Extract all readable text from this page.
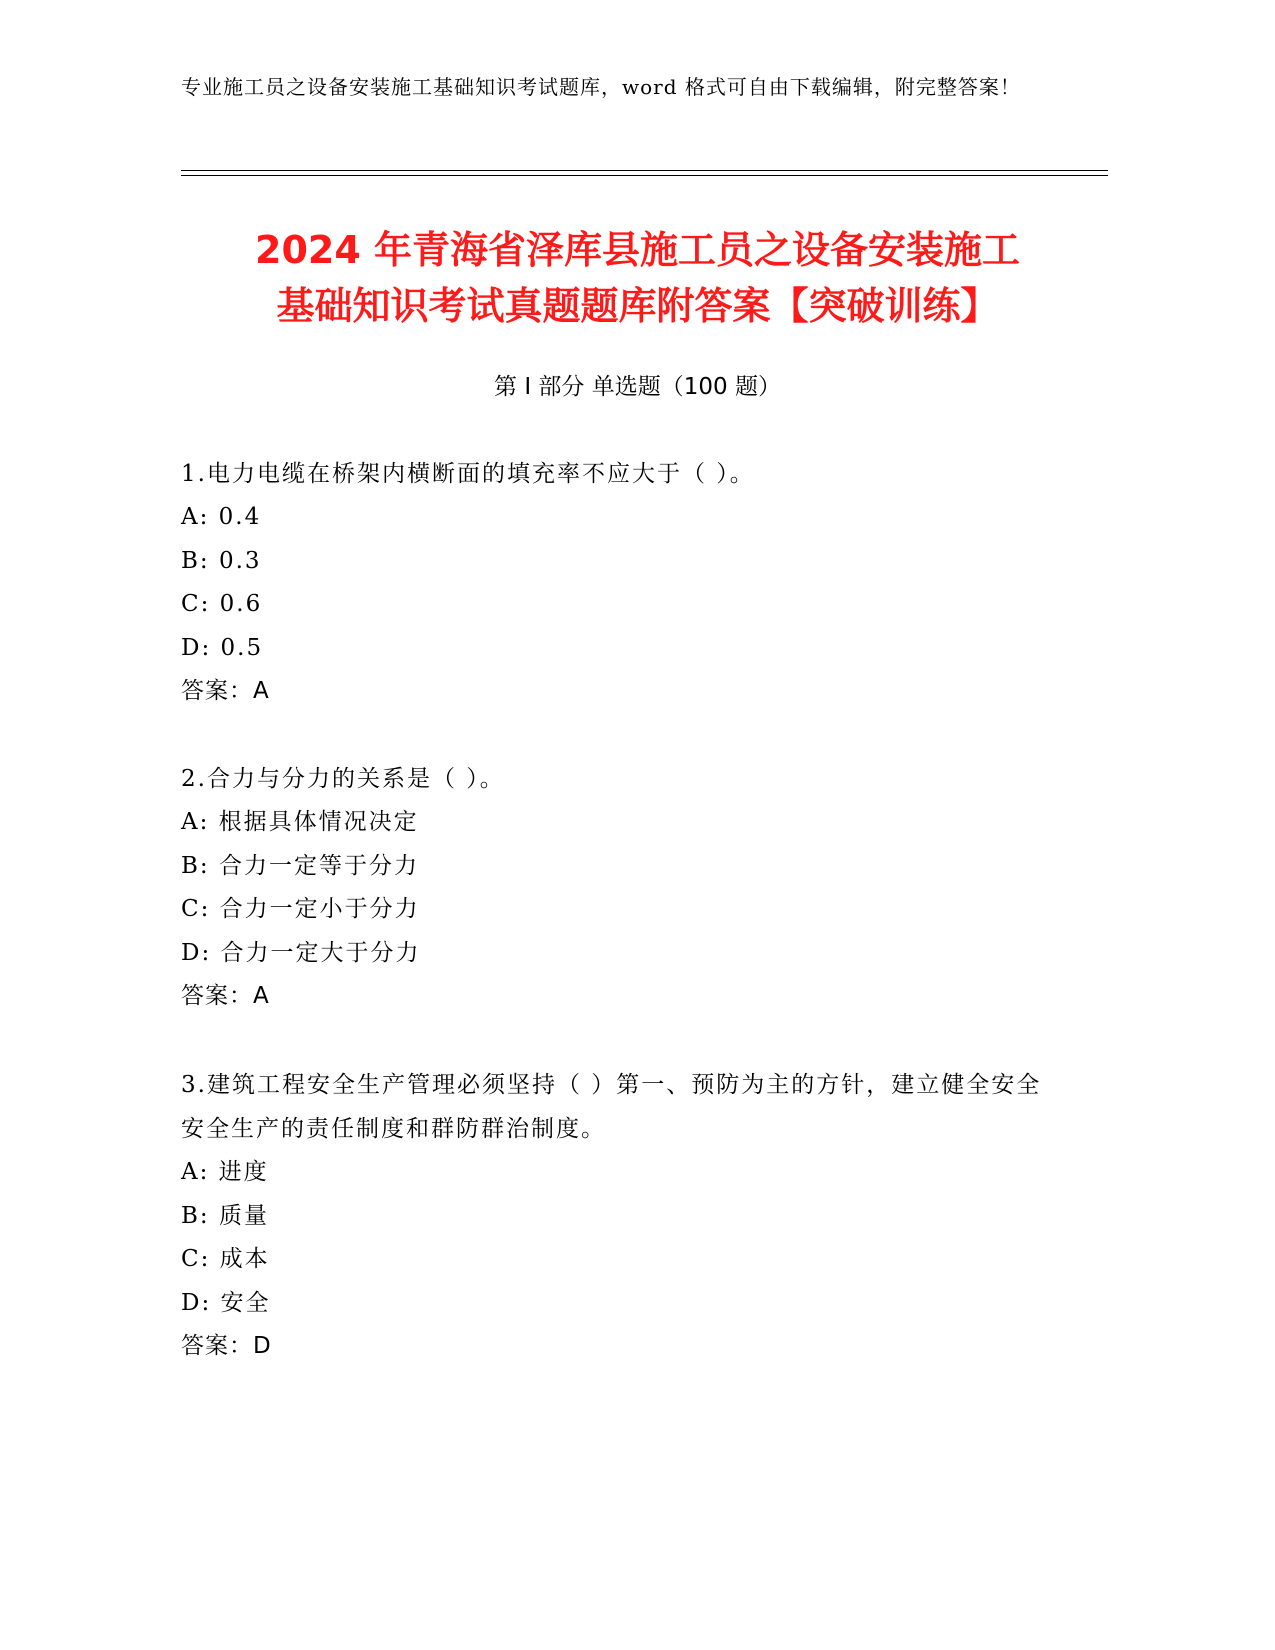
专业施工员之设备安装施工基础知识考试题库，word 格式可自由下载编辑，附完整答案！
2024 年青海省泽库县施工员之设备安装施工
基础知识考试真题题库附答案【突破训练】
第 I 部分 单选题（100 题）
1.电力电缆在桥架内横断面的填充率不应大于（ ）。
A: 0.4
B: 0.3
C: 0.6
D: 0.5
答案：A
2.合力与分力的关系是（ ）。
A: 根据具体情况决定
B: 合力一定等于分力
C: 合力一定小于分力
D: 合力一定大于分力
答案：A
3.建筑工程安全生产管理必须坚持（ ）第一、预防为主的方针，建立健全安全安全生产的责任制度和群防群治制度。
A: 进度
B: 质量
C: 成本
D: 安全
答案：D
